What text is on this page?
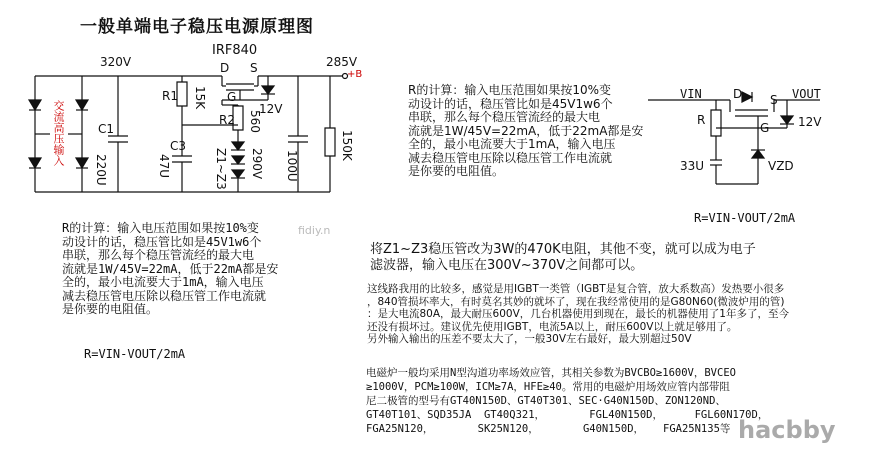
一般单端电子稳压电源原理图
IRF840
320V	285V
+B
D S
G
12V
R1 15K
R2 560
C1
220U
C3
47U	Z1~Z3 290V 100U
150K
交流高压输入
fidiy.n
R的计算：输入电压范围如果按10%变
动设计的话，稳压管比如是45V1w6个
串联，那么每个稳压管流经的最大电
流就是1W/45V=22mA，低于22mA都是安
全的，最小电流要大于1mA，输入电压
减去稳压管电压除以稳压管工作电流就
是你要的电阻值。
R=VIN-VOUT/2mA
R的计算：输入电压范围如果按10%变
动设计的话，稳压管比如是45V1w6个
串联，那么每个稳压管流经的最大电
流就是1W/45V=22mA，低于22mA都是安
全的，最小电流要大于1mA，输入电压
减去稳压管电压除以稳压管工作电流就
是你要的电阻值。
VIN	VOUT
D S
G
R
33U
12V
VZD
R=VIN-VOUT/2mA
将Z1~Z3稳压管改为3W的470K电阻，其他不变，就可以成为电子
滤波器，输入电压在300V~370V之间都可以。
这线路我用的比较多，感觉是用IGBT一类管（IGBT是复合管，放大系数高）发热要小很多
，840管损坏率大，有时莫名其妙的就坏了，现在我经常使用的是G80N60(微波炉用的管)
：是大电流80A，最大耐压600V，几台机器使用到现在，最长的机器使用了1年多了，至今
还没有损坏过。建议优先使用IGBT，电流5A以上，耐压600V以上就足够用了。
另外输入输出的压差不要太大了，一般30V左右最好，最大别超过50V
电磁炉一般均采用N型沟道功率场效应管，其相关参数为BVCBO≥1600V，BVCEO
≥1000V，PCM≥100W，ICM≥7A，HFE≥40。常用的电磁炉用场效应管内部带阻
尼二极管的型号有GT40N150D、GT40T301、SEC·G40N150D、ZON120ND、
GT40T101、SQD35JA  GT40Q321，       FGL40N150D，     FGL60N170D，
FGA25N120，       SK25N120，       G40N150D，   FGA25N135等 hacbby
